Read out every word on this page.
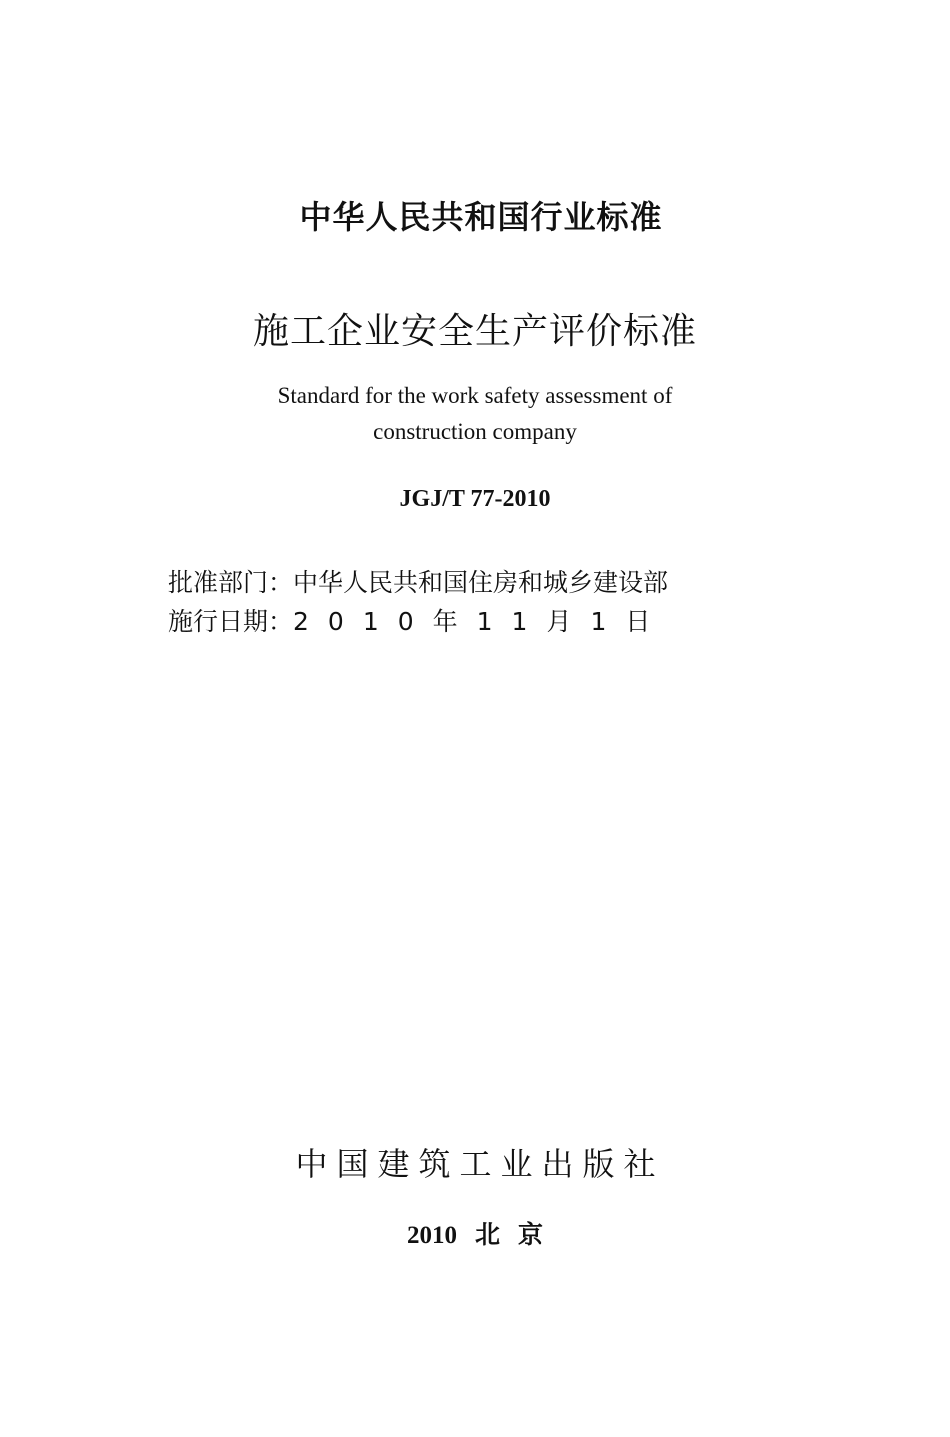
中华人民共和国行业标准
施工企业安全生产评价标准
Standard for the work safety assessment of
construction company
JGJ/T 77-2010
批准部门：中华人民共和国住房和城乡建设部
施行日期：2010年11月1日
中国建筑工业出版社
2010 北 京
